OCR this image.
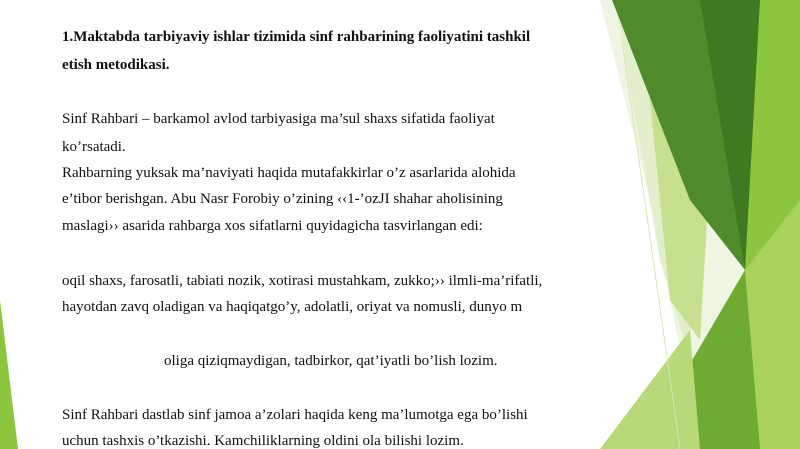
1.Maktabda tarbiyaviy ishlar tizimida sinf rahbarining faoliyatini tashkil
etish metodikasi.
Sinf Rahbari – barkamol avlod tarbiyasiga ma’sul shaxs sifatida faoliyat
ko’rsatadi.
Rahbarning yuksak ma’naviyati haqida mutafakkirlar o’z asarlarida alohida
e’tibor berishgan. Abu Nasr Forobiy o’zining ‹‹1-’ozJI shahar aholisining
maslagi›› asarida rahbarga xos sifatlarni quyidagicha tasvirlangan edi:
oqil shaxs, farosatli, tabiati nozik, xotirasi mustahkam, zukko;›› ilmli-ma’rifatli,
hayotdan zavq oladigan va haqiqatgo’y, adolatli, oriyat va nomusli, dunyo m
oliga qiziqmaydigan, tadbirkor, qat’iyatli bo’lish lozim.
Sinf Rahbari dastlab sinf jamoa a’zolari haqida keng ma’lumotga ega bo’lishi
uchun tashxis o’tkazishi. Kamchiliklarning oldini ola bilishi lozim.
